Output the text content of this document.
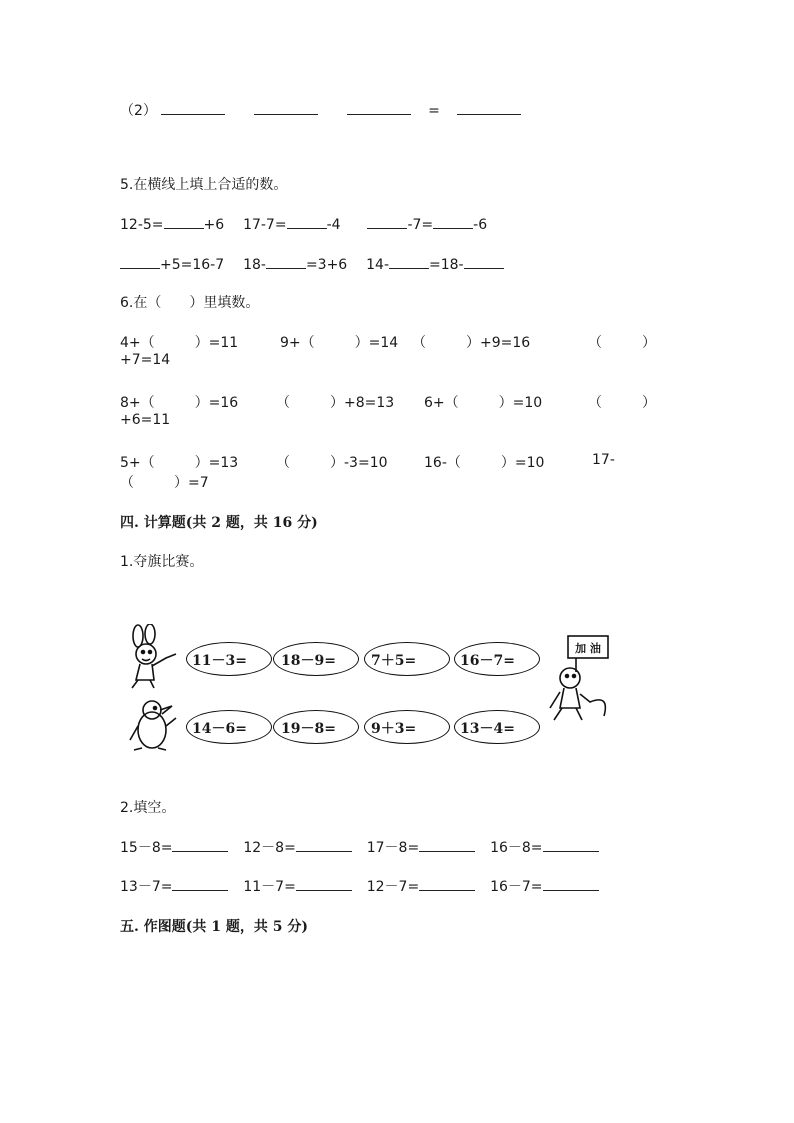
（2）	=
5.在横线上填上合适的数。
12-5=	+6 17-7=	-4	-7=	-6
+5=16-7 18-	=3+6 14-	=18-
6.在（　　）里填数。
4+（	）=11	9+（	）=14 （	）+9=16	（	）
+7=14
8+（	）=16	（	）+8=13 6+（	）=10	（	）
+6=11
5+（	）=13	（	）-3=10	16-（	）=10	17-
（	）=7
四. 计算题(共 2 题，共 16 分)
1.夺旗比赛。
加 油
11－3= 18－9=	7＋5=	16－7=
14－6= 19－8=	9＋3=	13－4=
2.填空。
15－8=	12－8=	17－8=	16－8=
13－7=	11－7=	12－7=	16－7=
五. 作图题(共 1 题，共 5 分)
